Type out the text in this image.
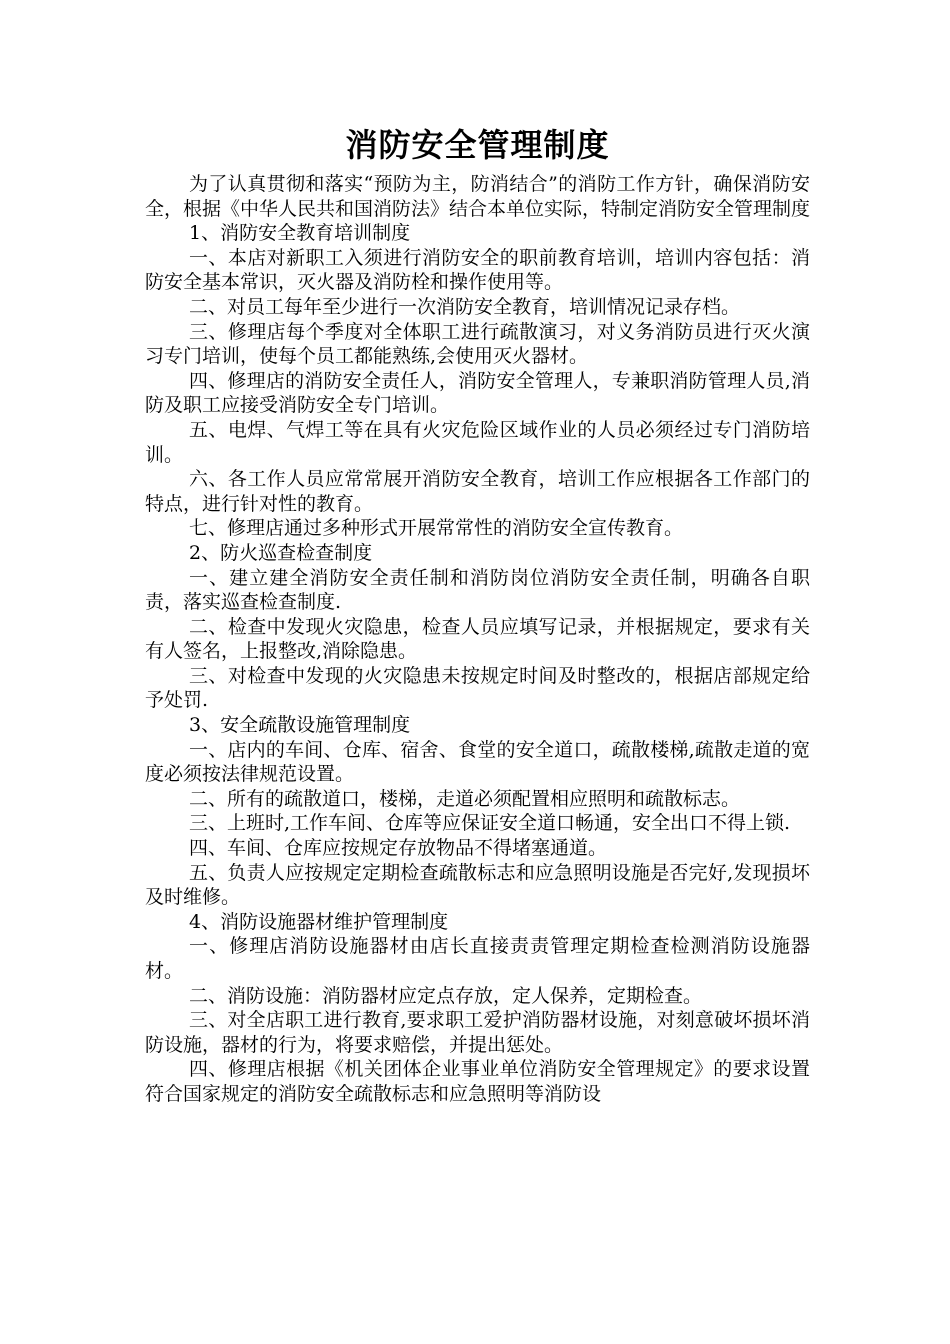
消防安全管理制度

为了认真贯彻和落实“预防为主，防消结合”的消防工作方针，确保消防安全，根据《中华人民共和国消防法》结合本单位实际，特制定消防安全管理制度

1、消防安全教育培训制度

一、本店对新职工入须进行消防安全的职前教育培训，培训内容包括：消防安全基本常识，灭火器及消防栓和操作使用等。

二、对员工每年至少进行一次消防安全教育，培训情况记录存档。

三、修理店每个季度对全体职工进行疏散演习，对义务消防员进行灭火演习专门培训，使每个员工都能熟练,会使用灭火器材。

四、修理店的消防安全责任人，消防安全管理人，专兼职消防管理人员,消防及职工应接受消防安全专门培训。

五、电焊、气焊工等在具有火灾危险区域作业的人员必须经过专门消防培训。

六、各工作人员应常常展开消防安全教育，培训工作应根据各工作部门的特点，进行针对性的教育。

七、修理店通过多种形式开展常常性的消防安全宣传教育。

2、防火巡查检查制度

一、建立建全消防安全责任制和消防岗位消防安全责任制，明确各自职责，落实巡查检查制度.

二、检查中发现火灾隐患，检查人员应填写记录，并根据规定，要求有关有人签名，上报整改,消除隐患。

三、对检查中发现的火灾隐患未按规定时间及时整改的，根据店部规定给予处罚.

3、安全疏散设施管理制度

一、店内的车间、仓库、宿舍、食堂的安全道口，疏散楼梯,疏散走道的宽度必须按法律规范设置。

二、所有的疏散道口，楼梯，走道必须配置相应照明和疏散标志。

三、上班时,工作车间、仓库等应保证安全道口畅通，安全出口不得上锁.

四、车间、仓库应按规定存放物品不得堵塞通道。

五、负责人应按规定定期检查疏散标志和应急照明设施是否完好,发现损坏及时维修。

4、消防设施器材维护管理制度

一、修理店消防设施器材由店长直接责责管理定期检查检测消防设施器材。

二、消防设施：消防器材应定点存放，定人保养，定期检查。

三、对全店职工进行教育,要求职工爱护消防器材设施，对刻意破坏损坏消防设施，器材的行为，将要求赔偿，并提出惩处。

四、修理店根据《机关团体企业事业单位消防安全管理规定》的要求设置符合国家规定的消防安全疏散标志和应急照明等消防设
